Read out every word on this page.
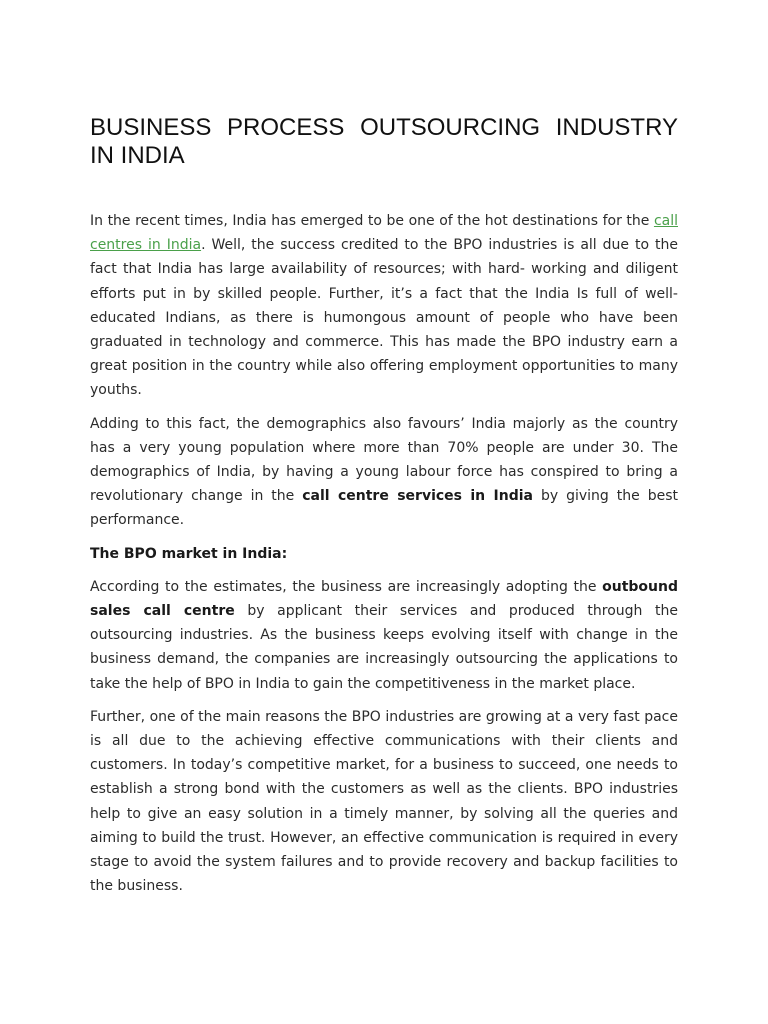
BUSINESS PROCESS OUTSOURCING INDUSTRY IN INDIA

In the recent times, India has emerged to be one of the hot destinations for the call centres in India. Well, the success credited to the BPO industries is all due to the fact that India has large availability of resources; with hard- working and diligent efforts put in by skilled people. Further, it’s a fact that the India Is full of well-educated Indians, as there is humongous amount of people who have been graduated in technology and commerce. This has made the BPO industry earn a great position in the country while also offering employment opportunities to many youths.

Adding to this fact, the demographics also favours’ India majorly as the country has a very young population where more than 70% people are under 30. The demographics of India, by having a young labour force has conspired to bring a revolutionary change in the call centre services in India by giving the best performance.

The BPO market in India:

According to the estimates, the business are increasingly adopting the outbound sales call centre by applicant their services and produced through the outsourcing industries. As the business keeps evolving itself with change in the business demand, the companies are increasingly outsourcing the applications to take the help of BPO in India to gain the competitiveness in the market place.

Further, one of the main reasons the BPO industries are growing at a very fast pace is all due to the achieving effective communications with their clients and customers. In today’s competitive market, for a business to succeed, one needs to establish a strong bond with the customers as well as the clients. BPO industries help to give an easy solution in a timely manner, by solving all the queries and aiming to build the trust. However, an effective communication is required in every stage to avoid the system failures and to provide recovery and backup facilities to the business.
